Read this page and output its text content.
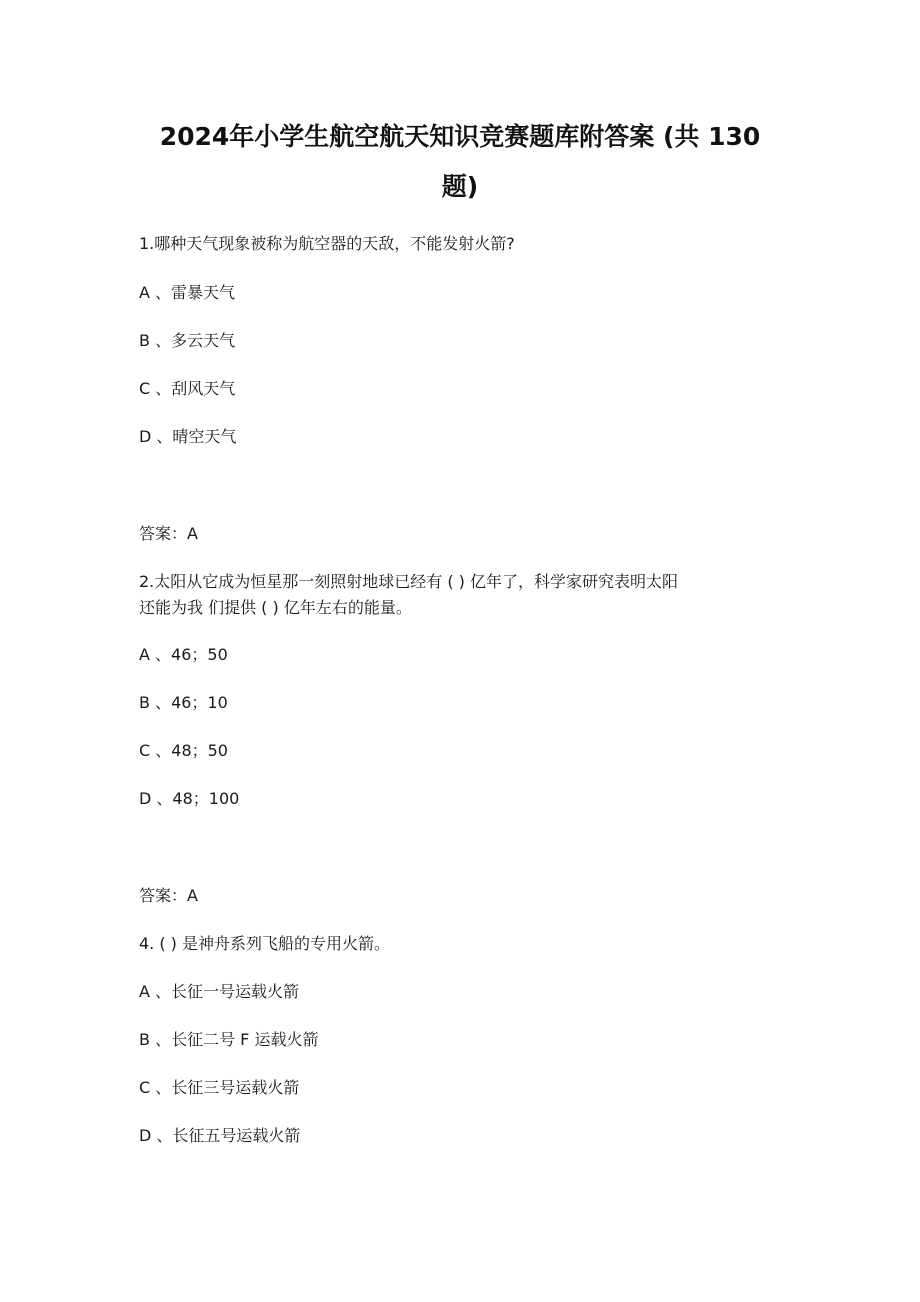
2024年小学生航空航天知识竞赛题库附答案 (共 130
题)
1.哪种天气现象被称为航空器的天敌，不能发射火箭?
A 、雷暴天气
B 、多云天气
C 、刮风天气
D 、晴空天气
答案：A
2.太阳从它成为恒星那一刻照射地球已经有 ( ) 亿年了，科学家研究表明太阳
还能为我 们提供 ( ) 亿年左右的能量。
A 、46；50
B 、46；10
C 、48；50
D 、48；100
答案：A
4. ( ) 是神舟系列飞船的专用火箭。
A 、长征一号运载火箭
B 、长征二号 F 运载火箭
C 、长征三号运载火箭
D 、长征五号运载火箭
